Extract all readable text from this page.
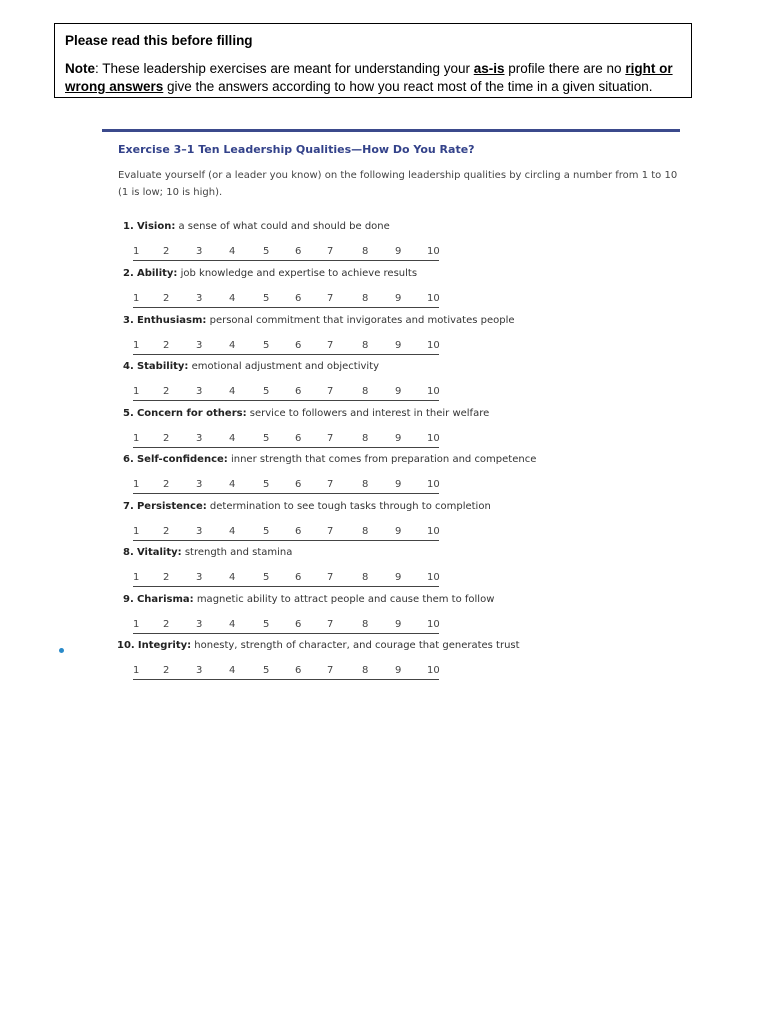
Please read this before filling
Note: These leadership exercises are meant for understanding your as-is profile there are no right or wrong answers give the answers according to how you react most of the time in a given situation.
Exercise 3–1 Ten Leadership Qualities—How Do You Rate?
Evaluate yourself (or a leader you know) on the following leadership qualities by circling a number from 1 to 10 (1 is low; 10 is high).
1. Vision: a sense of what could and should be done
1 2	3	4	5	6	7	8	9	10
2. Ability: job knowledge and expertise to achieve results
1 2	3	4	5	6	7	8	9	10
3. Enthusiasm: personal commitment that invigorates and motivates people
1 2	3	4	5	6	7	8	9	10
4. Stability: emotional adjustment and objectivity
1 2	3	4	5	6	7	8	9	10
5. Concern for others: service to followers and interest in their welfare
1 2	3	4	5	6	7	8	9	10
6. Self-confidence: inner strength that comes from preparation and competence
1 2	3	4	5	6	7	8	9	10
7. Persistence: determination to see tough tasks through to completion
1 2	3	4	5	6	7	8	9	10
8. Vitality: strength and stamina
1 2	3	4	5	6	7	8	9	10
9. Charisma: magnetic ability to attract people and cause them to follow
1 2	3	4	5	6	7	8	9	10
10. Integrity: honesty, strength of character, and courage that generates trust
1 2	3	4	5	6	7	8	9	10
